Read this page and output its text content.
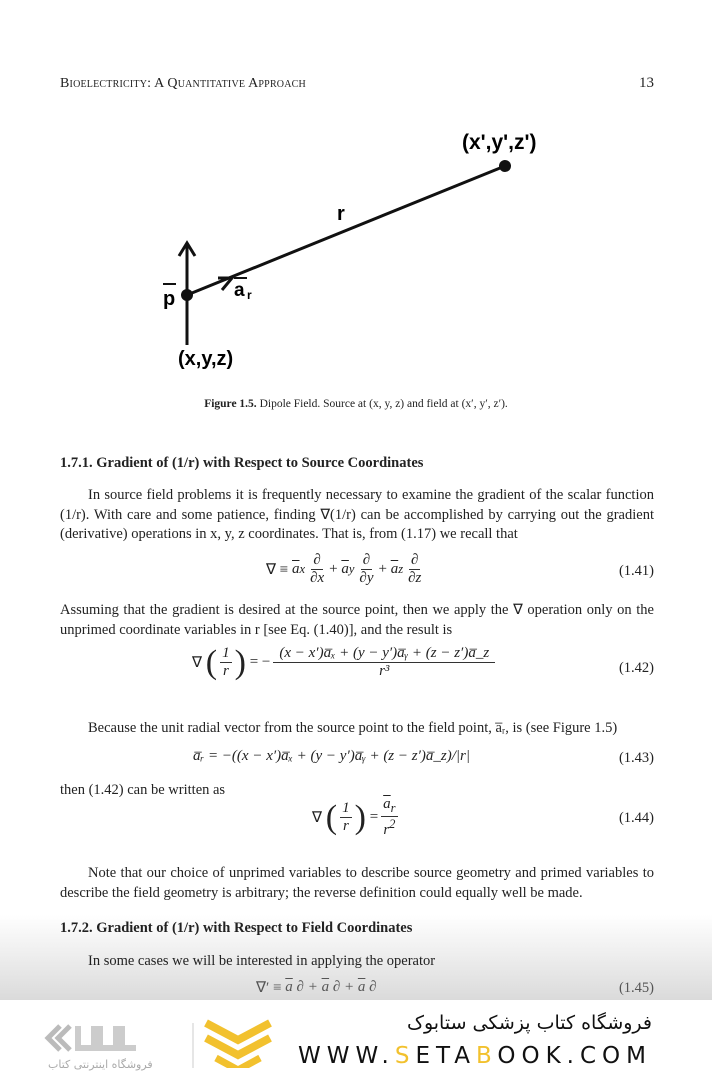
Bioelectricity: A Quantitative Approach	13
(x',y',z')
r
p	a r
(x,y,z)
Figure 1.5. Dipole Field. Source at (x, y, z) and field at (x′, y′, z′).
1.7.1. Gradient of (1/r) with Respect to Source Coordinates
In source field problems it is frequently necessary to examine the gradient of the scalar function (1/r). With care and some patience, finding ∇(1/r) can be accomplished by carrying out the gradient (derivative) operations in x, y, z coordinates. That is, from (1.17) we recall that
∇ ≡ $\overline{a}$ x $\frac{\partial}{\partial x}$ +
$\overline{a}$ y $\frac{\partial}{\partial y}$ +
$\overline{a}$ z $\frac{\partial}{\partial z}$	(1.41)
Assuming that the gradient is desired at the source point, then we apply the ∇ operation only on the unprimed coordinate variables in r [see Eq. (1.40)], and the result is
∇ ( $\frac{1}{r}$ ) = − $\frac{\text{(x − x′)a̅ₓ + (y − y′)a̅ᵧ + (z − z′)a̅\_z}}{\text{r³}}$	(1.42)
Because the unit radial vector from the source point to the field point, a̅ᵣ, is (see Figure 1.5)
a̅ᵣ = −((x − x′)a̅ₓ + (y − y′)a̅ᵧ + (z − z′)a̅_z)/|r|	(1.43)
then (1.42) can be written as
∇ ( $\frac{1}{r}$ ) = $\frac{\overline{a}_r}{r^2}$	(1.44)
Note that our choice of unprimed variables to describe source geometry and primed variables to describe the field geometry is arbitrary; the reverse definition could equally well be made.
1.7.2. Gradient of (1/r) with Respect to Field Coordinates
In some cases we will be interested in applying the operator
∇′ ≡ $\overline{a}$ ∂ + $\overline{a}$ ∂ + $\overline{a}$ ∂	(1.45)
فروشگاه اینترنتی کتاب
فروشگاه کتاب پزشکی ستابوک
WWW.SETABOOK.COM
